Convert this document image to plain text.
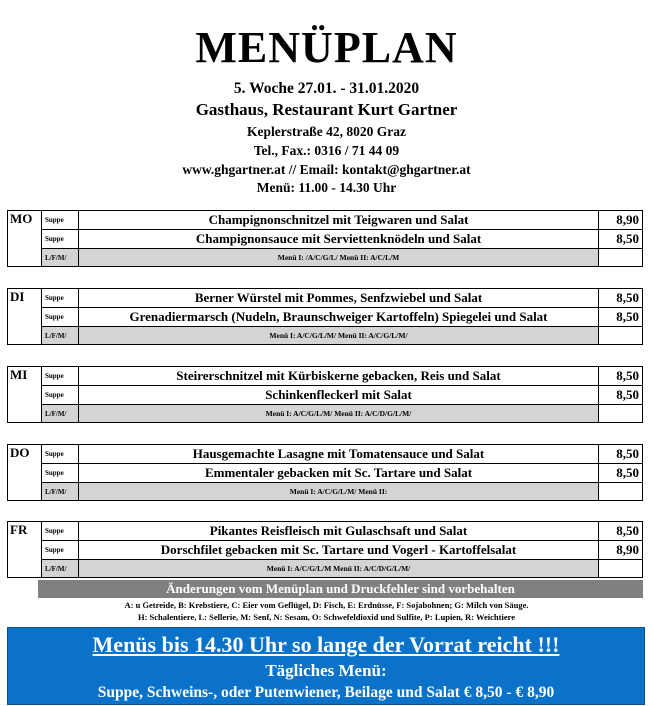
MENÜPLAN
5. Woche 27.01. - 31.01.2020
Gasthaus, Restaurant Kurt Gartner
Keplerstraße 42, 8020 Graz
Tel., Fax.: 0316 / 71 44 09
www.ghgartner.at // Email: kontakt@ghgartner.at
Menü: 11.00 - 14.30 Uhr
MO	Suppe	Champignonschnitzel mit Teigwaren und Salat	8,90
	Suppe	Champignonsauce mit Serviettenknödeln und Salat	8,50
	L/F/M/	Menü I: /A/C/G/L/ Menü II: A/C/L/M	
DI	Suppe	Berner Würstel mit Pommes, Senfzwiebel und Salat	8,50
	Suppe	Grenadiermarsch (Nudeln, Braunschweiger Kartoffeln) Spiegelei und Salat	8,50
	L/F/M/	Menü I: A/C/G/L/M/ Menü II: A/C/G/L/M/	
MI	Suppe	Steirerschnitzel mit Kürbiskerne gebacken, Reis und Salat	8,50
	Suppe	Schinkenfleckerl mit Salat	8,50
	L/F/M/	Menü I: A/C/G/L/M/ Menü II: A/C/D/G/L/M/	
DO	Suppe	Hausgemachte Lasagne mit Tomatensauce und Salat	8,50
	Suppe	Emmentaler gebacken mit Sc. Tartare und Salat	8,50
	L/F/M/	Menü I: A/C/G/L/M/ Menü II:	
FR	Suppe	Pikantes Reisfleisch mit Gulaschsaft und Salat	8,50
	Suppe	Dorschfilet gebacken mit Sc. Tartare und Vogerl - Kartoffelsalat	8,90
	L/F/M/	Menü I: A/C/G/L/M Menü II: A/C/D/G/L/M/	
Änderungen vom Menüplan und Druckfehler sind vorbehalten
A: u Getreide, B: Krebstiere, C: Eier vom Geflügel, D: Fisch, E: Erdnüsse, F: Sojabohnen; G: Milch von Säuge.
H: Schalentiere, L: Sellerie, M: Senf, N: Sesam, O: Schwefeldioxid und Sulfite, P: Lupien, R: Weichtiere
Menüs bis 14.30 Uhr so lange der Vorrat reicht !!!
Tägliches Menü:
Suppe, Schweins-, oder Putenwiener, Beilage und Salat € 8,50 - € 8,90
